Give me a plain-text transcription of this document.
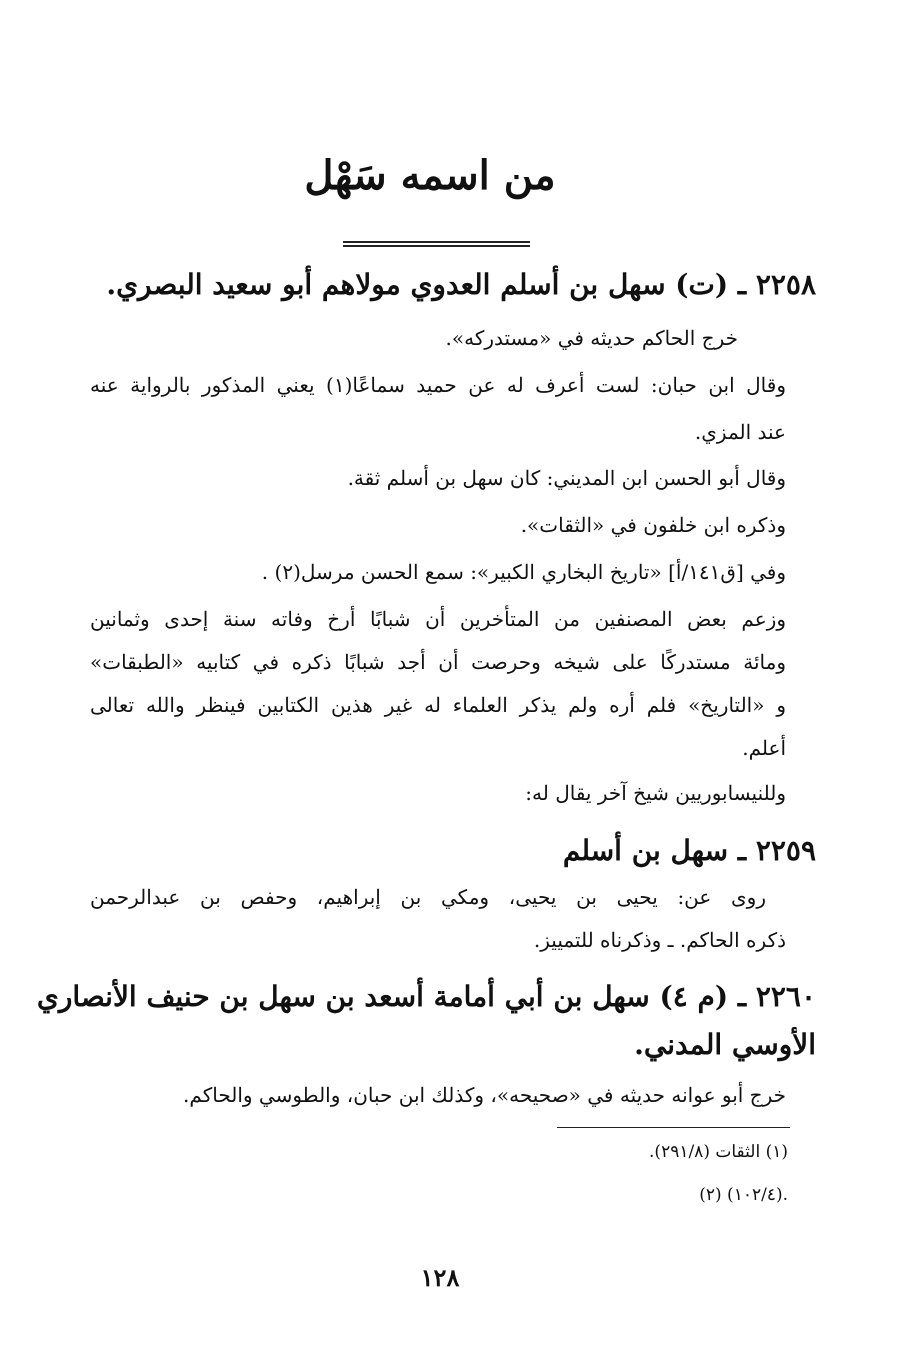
من اسمه سَهْل

٢٢٥٨ ـ (ت) سهل بن أسلم العدوي مولاهم أبو سعيد البصري.

خرج الحاكم حديثه في «مستدركه».

وقال ابن حبان: لست أعرف له عن حميد سماعًا(١) يعني المذكور بالرواية عنه

عند المزي.

وقال أبو الحسن ابن المديني: كان سهل بن أسلم ثقة.

وذكره ابن خلفون في «الثقات».

وفي [ق١٤١/أ] «تاريخ البخاري الكبير»: سمع الحسن مرسل(٢) .

وزعم بعض المصنفين من المتأخرين أن شبابًا أرخ وفاته سنة إحدى وثمانين

ومائة مستدركًا على شيخه وحرصت أن أجد شبابًا ذكره في كتابيه «الطبقات»

و «التاريخ» فلم أره ولم يذكر العلماء له غير هذين الكتابين فينظر والله تعالى

أعلم.

وللنيسابوريين شيخ آخر يقال له:

٢٢٥٩ ـ سهل بن أسلم

روى عن: يحيى بن يحيى، ومكي بن إبراهيم، وحفص بن عبدالرحمن

ذكره الحاكم. ـ وذكرناه للتمييز.

٢٢٦٠ ـ (م ٤) سهل بن أبي أمامة أسعد بن سهل بن حنيف الأنصاري

الأوسي المدني.

خرج أبو عوانه حديثه في «صحيحه»، وكذلك ابن حبان، والطوسي والحاكم.

(١) الثقات (٢٩١/٨).

(٢) (١٠٢/٤).

١٢٨
